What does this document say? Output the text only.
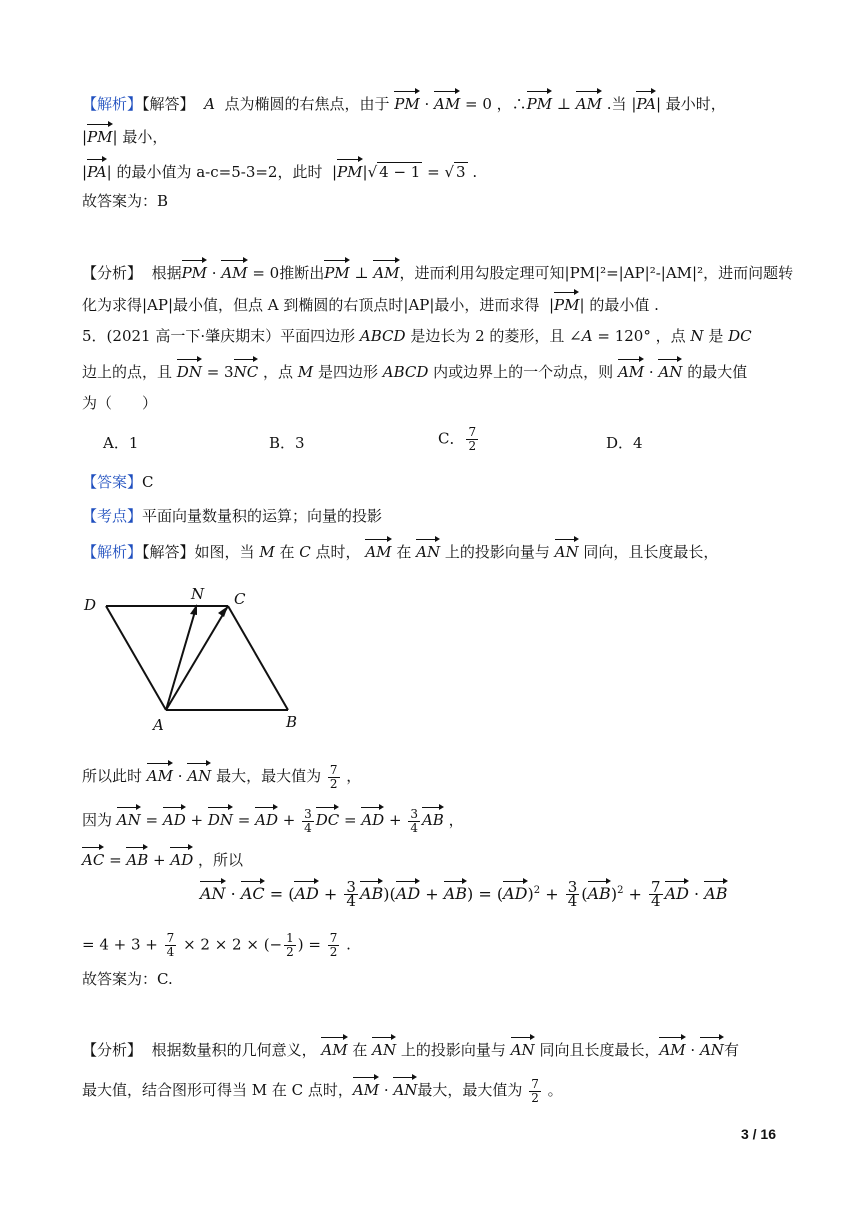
【解析】【解答】 A 点为椭圆的右焦点，由于 PM · AM = 0 ，∴PM ⊥ AM .当 |PA| 最小时，
|PM| 最小，
|PA| 的最小值为 a-c=5-3=2，此时  |PM|√ 4 − 1 = √ 3 .
故答案为：B
【分析】 根据PM · AM = 0推断出PM ⊥ AM，进而利用勾股定理可知|PM|²=|AP|²-|AM|²，进而问题转
化为求得|AP|最小值，但点 A 到椭圆的右顶点时|AP|最小，进而求得  |PM| 的最小值 .
5．(2021 高一下·肇庆期末）平面四边形 ABCD 是边长为 2 的菱形，且 ∠A = 120° ，点 N 是 DC
边上的点，且 DN = 3NC ，点 M 是四边形 ABCD 内或边界上的一个动点，则 AM · AN 的最大值
为（　　）
A．1	B．3	C． $\frac{7}{2}$	D．4
【答案】C
【考点】平面向量数量积的运算；向量的投影
【解析】【解答】如图，当 M 在 C 点时， AM 在 AN 上的投影向量与 AN 同向，且长度最长，
D
N C
A	B
所以此时 AM · AN 最大，最大值为 $\frac{7}{2}$ ，
因为 AN = AD + DN = AD + $\frac{3}{4}$ DC = AD + $\frac{3}{4}$ AB ，
AC = AB + AD ，所以
AN · AC = $(AD + \frac{3}{4} AB)(AD + AB) = (AD)^2 + \frac{3}{4} (AB)^2 + \frac{7}{4}$ AD · AB
= $4 + 3 + \frac{7}{4} \times 2 \times 2$ × (− $\frac{1}{2}$ ) = $\frac{7}{2}$ .
故答案为：C.
【分析】 根据数量积的几何意义， AM 在 AN 上的投影向量与 AN 同向且长度最长，AM · AN有
最大值，结合图形可得当 M 在 C 点时，AM · AN最大，最大值为 $\frac{7}{2}$ 。
3 / 16
